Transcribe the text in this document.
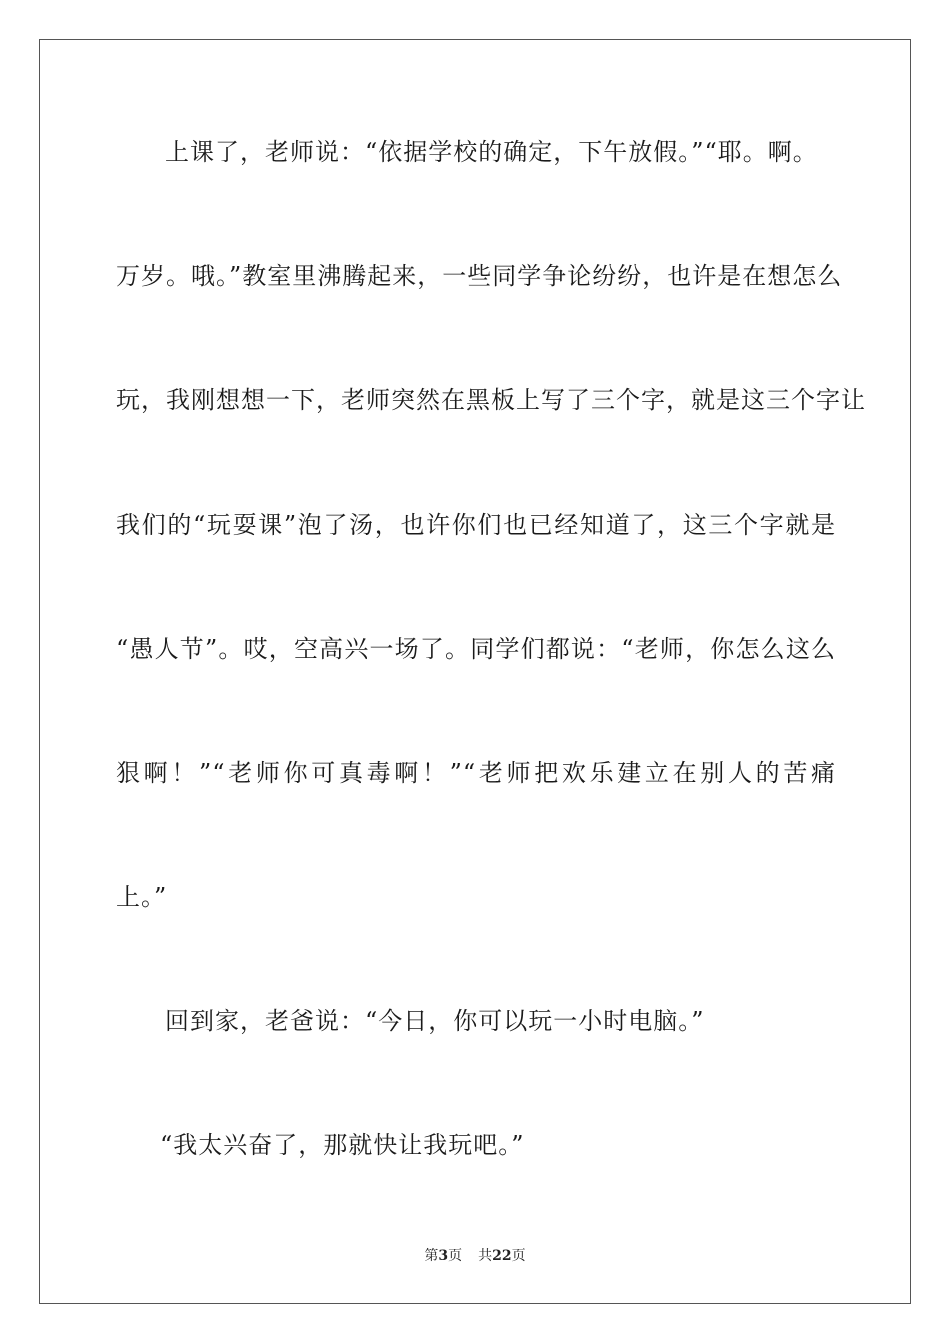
上课了，老师说：“依据学校的确定，下午放假。”“耶。啊。
万岁。哦。”教室里沸腾起来，一些同学争论纷纷，也许是在想怎么
玩，我刚想想一下，老师突然在黑板上写了三个字，就是这三个字让
我们的“玩耍课”泡了汤，也许你们也已经知道了，这三个字就是
“愚人节”。哎，空高兴一场了。同学们都说：“老师，你怎么这么
狠啊！”“老师你可真毒啊！”“老师把欢乐建立在别人的苦痛
上。”
回到家，老爸说：“今日，你可以玩一小时电脑。”
“我太兴奋了，那就快让我玩吧。”
第3页 共22页
